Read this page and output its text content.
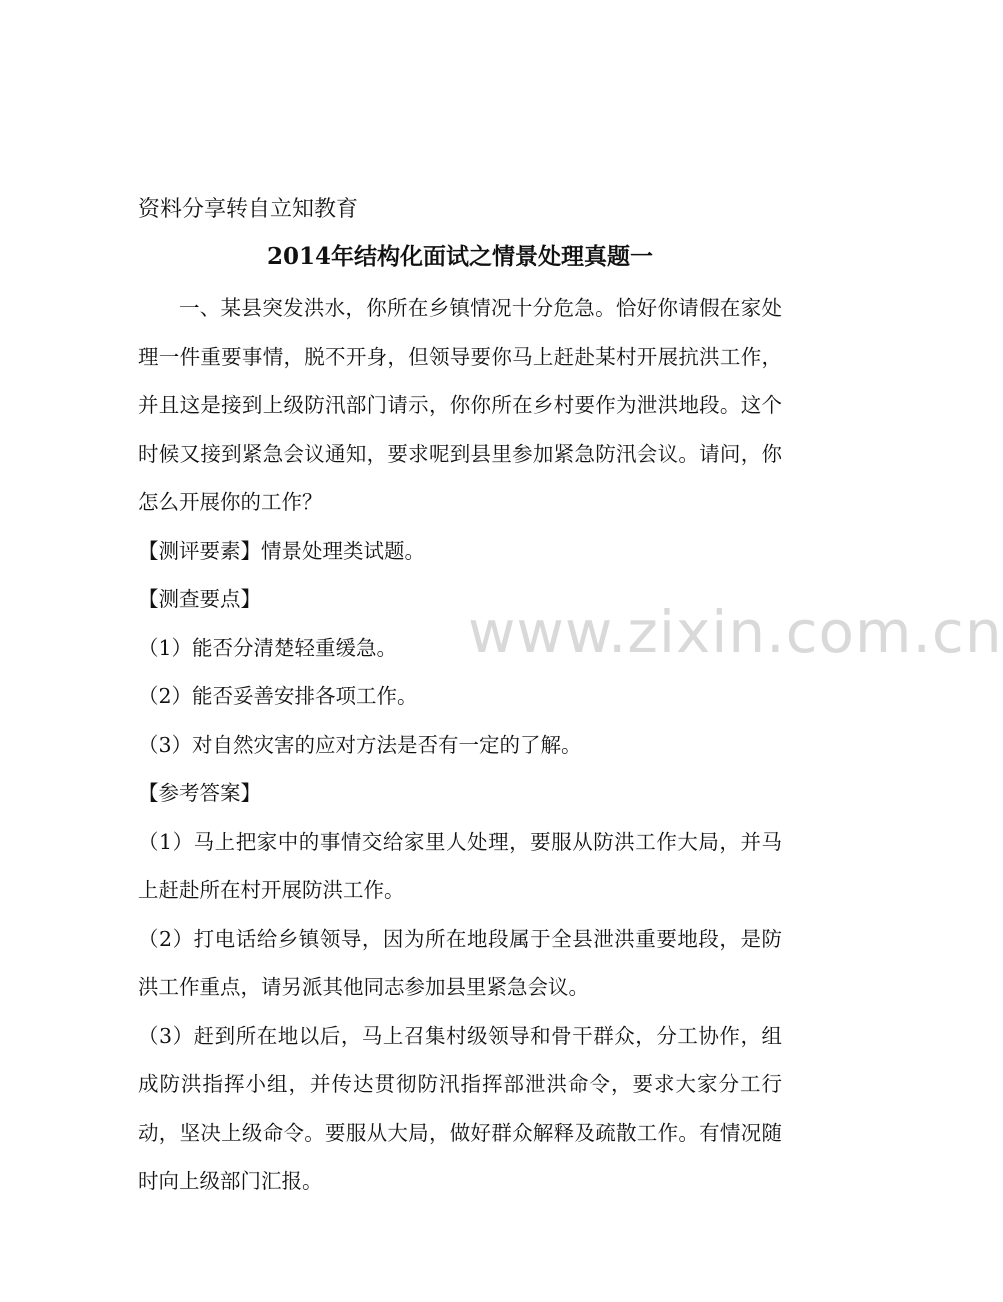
资料分享转自立知教育
2014年结构化面试之情景处理真题一

一、某县突发洪水，你所在乡镇情况十分危急。恰好你请假在家处理一件重要事情，脱不开身，但领导要你马上赶赴某村开展抗洪工作，并且这是接到上级防汛部门请示，你你所在乡村要作为泄洪地段。这个时候又接到紧急会议通知，要求呢到县里参加紧急防汛会议。请问，你怎么开展你的工作？

【测评要素】情景处理类试题。

【测查要点】

（1）能否分清楚轻重缓急。

（2）能否妥善安排各项工作。

（3）对自然灾害的应对方法是否有一定的了解。

【参考答案】

（1）马上把家中的事情交给家里人处理，要服从防洪工作大局，并马上赶赴所在村开展防洪工作。

（2）打电话给乡镇领导，因为所在地段属于全县泄洪重要地段，是防洪工作重点，请另派其他同志参加县里紧急会议。

（3）赶到所在地以后，马上召集村级领导和骨干群众，分工协作，组成防洪指挥小组，并传达贯彻防汛指挥部泄洪命令，要求大家分工行动，坚决上级命令。要服从大局，做好群众解释及疏散工作。有情况随时向上级部门汇报。

www.zixin.com.cn
